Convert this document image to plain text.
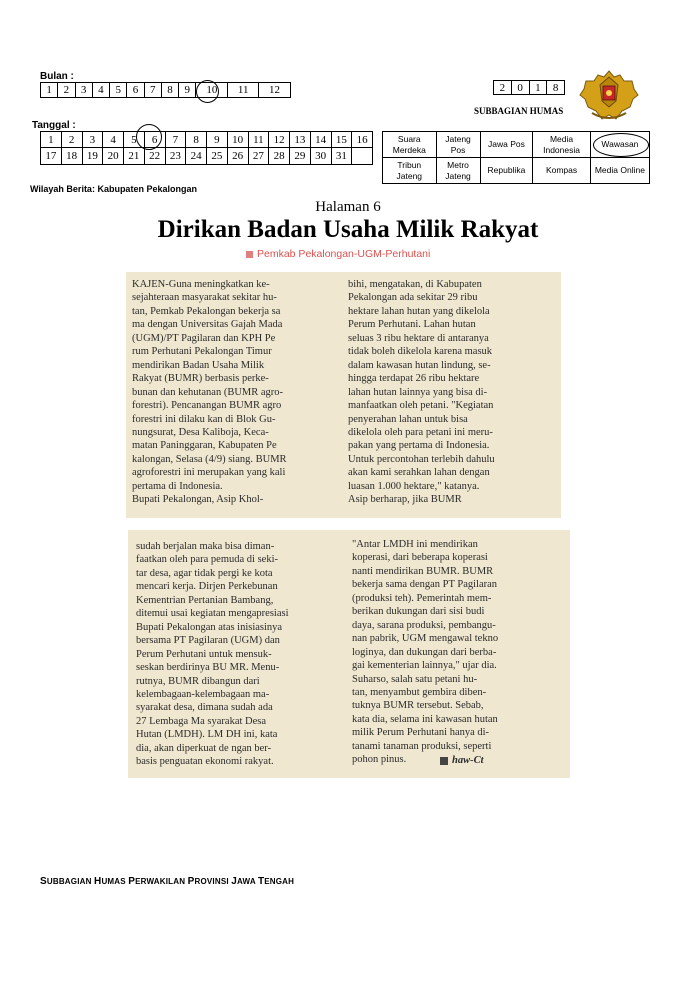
Bulan :
1	2	3	4	5	6	7	8	9	10	11	12	2	0	1	8
SUBBAGIAN HUMAS
Tanggal :
1	2	3	4	5	6	7	8	9	10	11	12	13	14	15	16
17	18	19	20	21	22	23	24	25	26	27	28	29	30	31	
Suara Merdeka	Jateng Pos	Jawa Pos	Media Indonesia	Wawasan
Tribun Jateng	Metro Jateng	Republika	Kompas	Media Online
Wilayah Berita: Kabupaten Pekalongan
Halaman 6
Dirikan Badan Usaha Milik Rakyat
Pemkab Pekalongan-UGM-Perhutani
KAJEN-Guna meningkatkan ke-
sejahteraan masyarakat sekitar hu-
tan, Pemkab Pekalongan bekerja sa
ma dengan Universitas Gajah Mada
(UGM)/PT Pagilaran dan KPH Pe
rum Perhutani Pekalongan Timur
mendirikan Badan Usaha Milik
Rakyat (BUMR) berbasis perke-
bunan dan kehutanan (BUMR agro-
forestri). Pencanangan BUMR agro
forestri ini dilaku kan di Blok Gu-
nungsurat, Desa Kaliboja, Keca-
matan Paninggaran, Kabupaten Pe
kalongan, Selasa (4/9) siang. BUMR
agroforestri ini merupakan yang kali
pertama di Indonesia.
Bupati Pekalongan, Asip Khol-
bihi, mengatakan, di Kabupaten
Pekalongan ada sekitar 29 ribu
hektare lahan hutan yang dikelola
Perum Perhutani. Lahan hutan
seluas 3 ribu hektare di antaranya
tidak boleh dikelola karena masuk
dalam kawasan hutan lindung, se-
hingga terdapat 26 ribu hektare
lahan hutan lainnya yang bisa di-
manfaatkan oleh petani. "Kegiatan
penyerahan lahan untuk bisa
dikelola oleh para petani ini meru-
pakan yang pertama di Indonesia.
Untuk percontohan terlebih dahulu
akan kami serahkan lahan dengan
luasan 1.000 hektare," katanya.
Asip berharap, jika BUMR
sudah berjalan maka bisa diman-
faatkan oleh para pemuda di seki-
tar desa, agar tidak pergi ke kota
mencari kerja. Dirjen Perkebunan
Kementrian Pertanian Bambang,
ditemui usai kegiatan mengapresiasi
Bupati Pekalongan atas inisiasinya
bersama PT Pagilaran (UGM) dan
Perum Perhutani untuk mensuk-
seskan berdirinya BU MR. Menu-
rutnya, BUMR dibangun dari
kelembagaan-kelembagaan ma-
syarakat desa, dimana sudah ada
27 Lembaga Ma syarakat Desa
Hutan (LMDH). LM DH ini, kata
dia, akan diperkuat de ngan ber-
basis penguatan ekonomi rakyat.
"Antar LMDH ini mendirikan
koperasi, dari beberapa koperasi
nanti mendirikan BUMR. BUMR
bekerja sama dengan PT Pagilaran
(produksi teh). Pemerintah mem-
berikan dukungan dari sisi budi
daya, sarana produksi, pembangu-
nan pabrik, UGM mengawal tekno
loginya, dan dukungan dari berba-
gai kementerian lainnya," ujar dia.
Suharso, salah satu petani hu-
tan, menyambut gembira diben-
tuknya BUMR tersebut. Sebab,
kata dia, selama ini kawasan hutan
milik Perum Perhutani hanya di-
tanami tanaman produksi, seperti
pohon pinus.	haw-Ct
SUBBAGIAN HUMAS PERWAKILAN PROVINSI JAWA TENGAH
